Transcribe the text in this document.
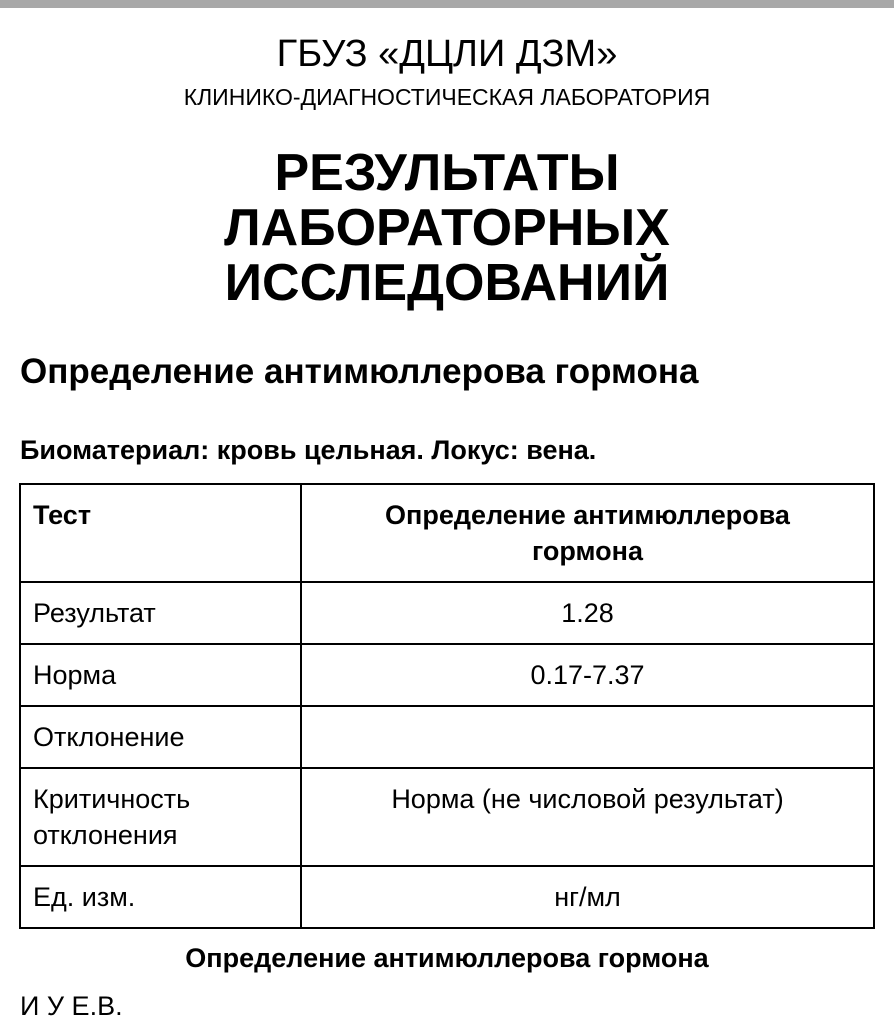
ГБУЗ «ДЦЛИ ДЗМ»
КЛИНИКО-ДИАГНОСТИЧЕСКАЯ ЛАБОРАТОРИЯ
РЕЗУЛЬТАТЫ
ЛАБОРАТОРНЫХ
ИССЛЕДОВАНИЙ
Определение антимюллерова гормона
Биоматериал: кровь цельная. Локус: вена.
Тест	Определение антимюллерова гормона
Результат	1.28
Норма	0.17-7.37
Отклонение	
Критичность отклонения	Норма (не числовой результат)
Ед. изм.	нг/мл
Определение антимюллерова гормона
И У Е.В.
